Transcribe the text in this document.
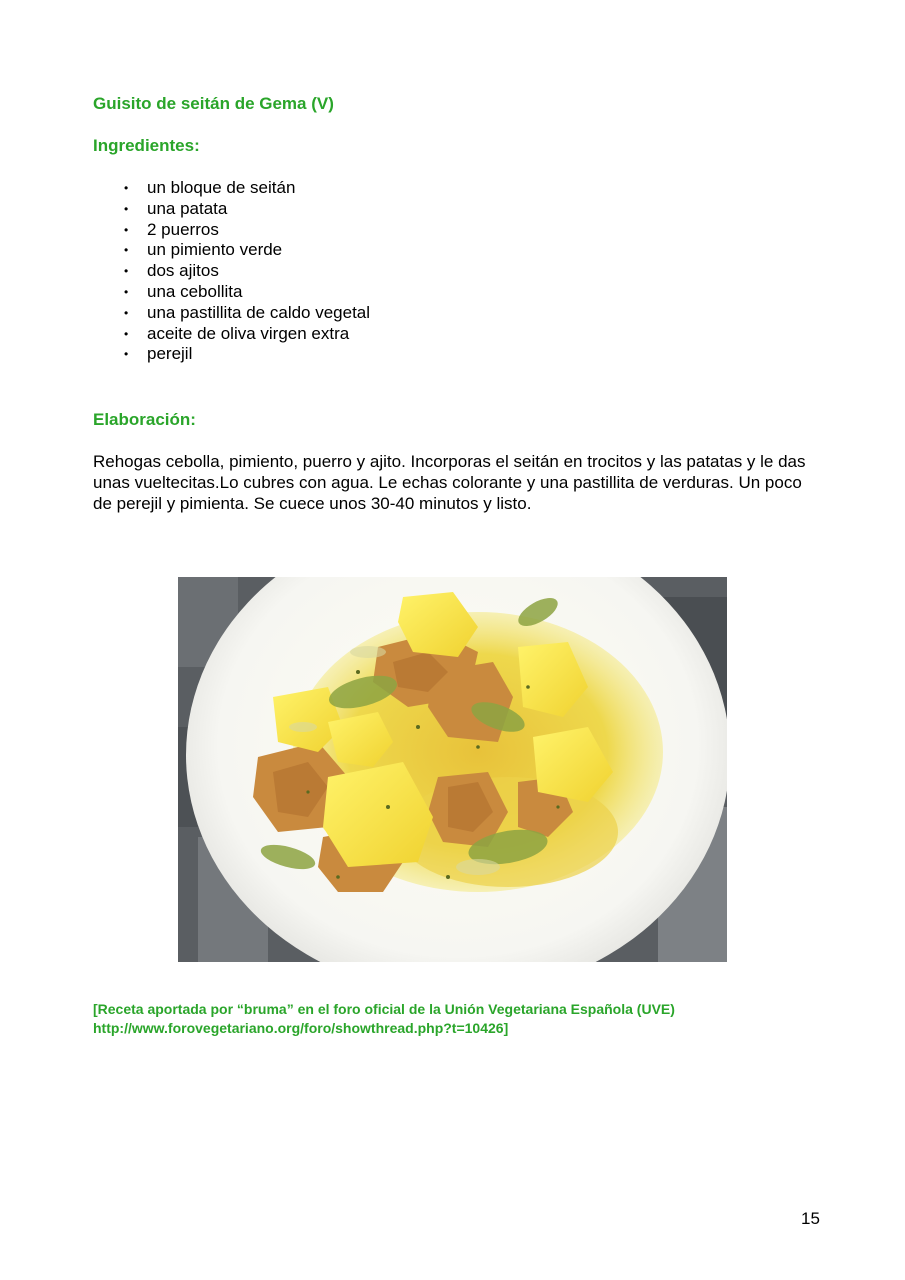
Guisito de seitán de Gema (V)
Ingredientes:
• un bloque de seitán
• una patata
• 2 puerros
• un pimiento verde
• dos ajitos
• una cebollita
• una pastillita de caldo vegetal
• aceite de oliva virgen extra
• perejil
Elaboración:

Rehogas cebolla, pimiento, puerro y ajito. Incorporas el seitán en trocitos y las patatas y le das unas vueltecitas.Lo cubres con agua. Le echas colorante y una pastillita de verduras. Un poco de perejil y pimienta. Se cuece unos 30-40 minutos y listo.

[Receta aportada por “bruma” en el foro oficial de la Unión Vegetariana Española (UVE)
http://www.forovegetariano.org/foro/showthread.php?t=10426]

15
